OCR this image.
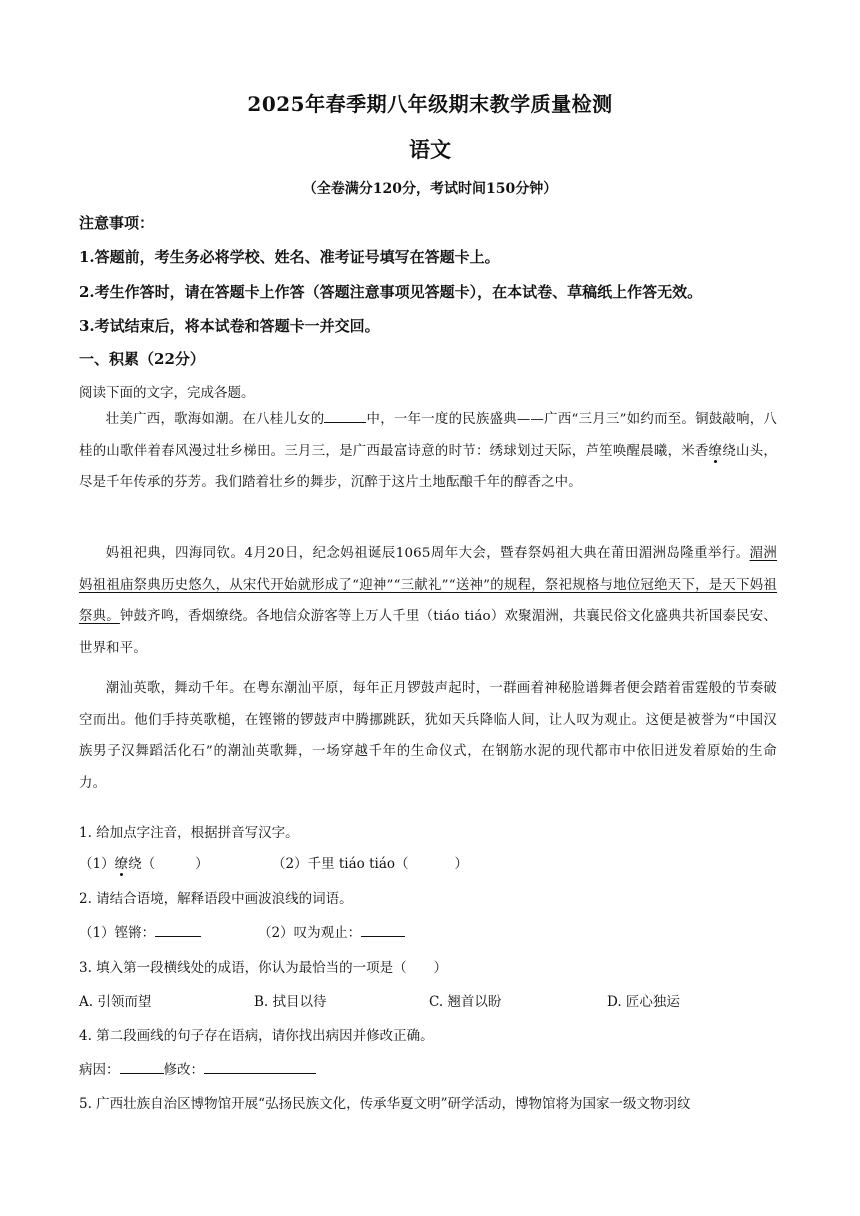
2025年春季期八年级期末教学质量检测
语文
（全卷满分120分，考试时间150分钟）
注意事项：
1.答题前，考生务必将学校、姓名、准考证号填写在答题卡上。
2.考生作答时，请在答题卡上作答（答题注意事项见答题卡），在本试卷、草稿纸上作答无效。
3.考试结束后，将本试卷和答题卡一并交回。
一、积累（22分）
阅读下面的文字，完成各题。
壮美广西，歌海如潮。在八桂儿女的	中，一年一度的民族盛典——广西“三月三”如约而至。铜鼓敲响，八桂的山歌伴着春风漫过壮乡梯田。三月三，是广西最富诗意的时节：绣球划过天际，芦笙唤醒晨曦，米香缭绕山头，尽是千年传承的芬芳。我们踏着壮乡的舞步，沉醉于这片土地酝酿千年的醇香之中。
妈祖祀典，四海同钦。4月20日，纪念妈祖诞辰1065周年大会，暨春祭妈祖大典在莆田湄洲岛隆重举行。湄洲妈祖祖庙祭典历史悠久，从宋代开始就形成了“迎神”“三献礼”“送神”的规程，祭祀规格与地位冠绝天下，是天下妈祖祭典。钟鼓齐鸣，香烟缭绕。各地信众游客等上万人千里（tiáo tiáo）欢聚湄洲，共襄民俗文化盛典共祈国泰民安、世界和平。
潮汕英歌，舞动千年。在粤东潮汕平原，每年正月锣鼓声起时，一群画着神秘脸谱舞者便会踏着雷霆般的节奏破空而出。他们手持英歌槌，在铿锵的锣鼓声中腾挪跳跃，犹如天兵降临人间，让人叹为观止。这便是被誉为“中国汉族男子汉舞蹈活化石”的潮汕英歌舞，一场穿越千年的生命仪式，在钢筋水泥的现代都市中依旧迸发着原始的生命力。
1. 给加点字注音，根据拼音写汉字。
（1）缭绕（	）	（2）千里 tiáo tiáo（	）
2. 请结合语境，解释语段中画波浪线的词语。
（1）铿锵：	（2）叹为观止：
3. 填入第一段横线处的成语，你认为最恰当的一项是（　　）
A. 引领而望	B. 拭目以待	C. 翘首以盼	D. 匠心独运
4. 第二段画线的句子存在语病，请你找出病因并修改正确。
病因：	修改：
5. 广西壮族自治区博物馆开展“弘扬民族文化，传承华夏文明”研学活动，博物馆将为国家一级文物羽纹
